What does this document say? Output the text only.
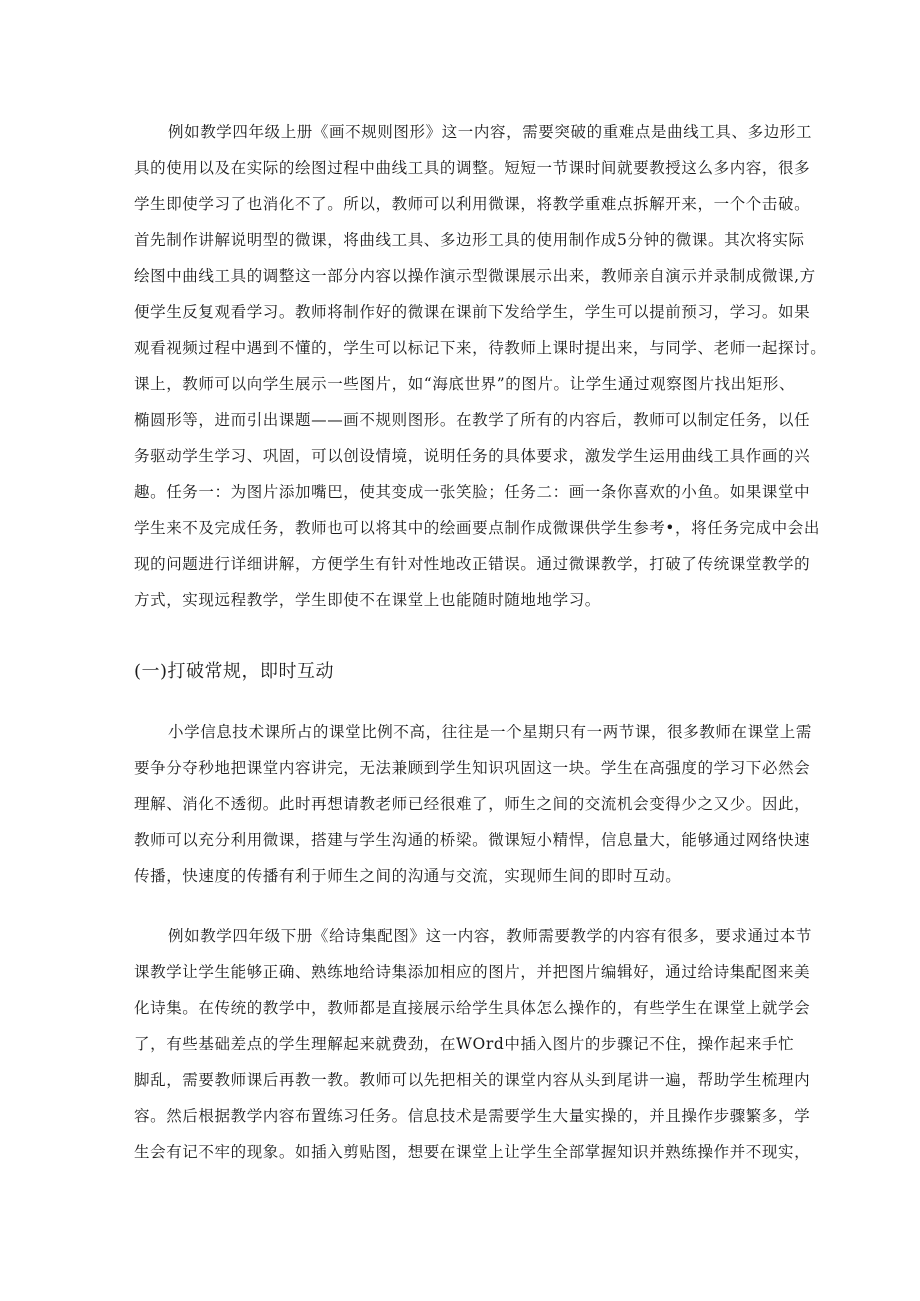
例如教学四年级上册《画不规则图形》这一内容，需要突破的重难点是曲线工具、多边形工
具的使用以及在实际的绘图过程中曲线工具的调整。短短一节课时间就要教授这么多内容，很多
学生即使学习了也消化不了。所以，教师可以利用微课，将教学重难点拆解开来，一个个击破。
首先制作讲解说明型的微课，将曲线工具、多边形工具的使用制作成5分钟的微课。其次将实际
绘图中曲线工具的调整这一部分内容以操作演示型微课展示出来，教师亲自演示并录制成微课,方
便学生反复观看学习。教师将制作好的微课在课前下发给学生，学生可以提前预习，学习。如果
观看视频过程中遇到不懂的，学生可以标记下来，待教师上课时提出来，与同学、老师一起探讨。
课上，教师可以向学生展示一些图片，如“海底世界”的图片。让学生通过观察图片找出矩形、
椭圆形等，进而引出课题——画不规则图形。在教学了所有的内容后，教师可以制定任务，以任
务驱动学生学习、巩固，可以创设情境，说明任务的具体要求，激发学生运用曲线工具作画的兴
趣。任务一：为图片添加嘴巴，使其变成一张笑脸；任务二：画一条你喜欢的小鱼。如果课堂中
学生来不及完成任务，教师也可以将其中的绘画要点制作成微课供学生参考•，将任务完成中会出
现的问题进行详细讲解，方便学生有针对性地改正错误。通过微课教学，打破了传统课堂教学的
方式，实现远程教学，学生即使不在课堂上也能随时随地地学习。
(一)打破常规，即时互动
小学信息技术课所占的课堂比例不高，往往是一个星期只有一两节课，很多教师在课堂上需
要争分夺秒地把课堂内容讲完，无法兼顾到学生知识巩固这一块。学生在高强度的学习下必然会
理解、消化不透彻。此时再想请教老师已经很难了，师生之间的交流机会变得少之又少。因此，
教师可以充分利用微课，搭建与学生沟通的桥梁。微课短小精悍，信息量大，能够通过网络快速
传播，快速度的传播有利于师生之间的沟通与交流，实现师生间的即时互动。
例如教学四年级下册《给诗集配图》这一内容，教师需要教学的内容有很多，要求通过本节
课教学让学生能够正确、熟练地给诗集添加相应的图片，并把图片编辑好，通过给诗集配图来美
化诗集。在传统的教学中，教师都是直接展示给学生具体怎么操作的，有些学生在课堂上就学会
了，有些基础差点的学生理解起来就费劲，在WOrd中插入图片的步骤记不住，操作起来手忙
脚乱，需要教师课后再教一教。教师可以先把相关的课堂内容从头到尾讲一遍，帮助学生梳理内
容。然后根据教学内容布置练习任务。信息技术是需要学生大量实操的，并且操作步骤繁多，学
生会有记不牢的现象。如插入剪贴图，想要在课堂上让学生全部掌握知识并熟练操作并不现实，
